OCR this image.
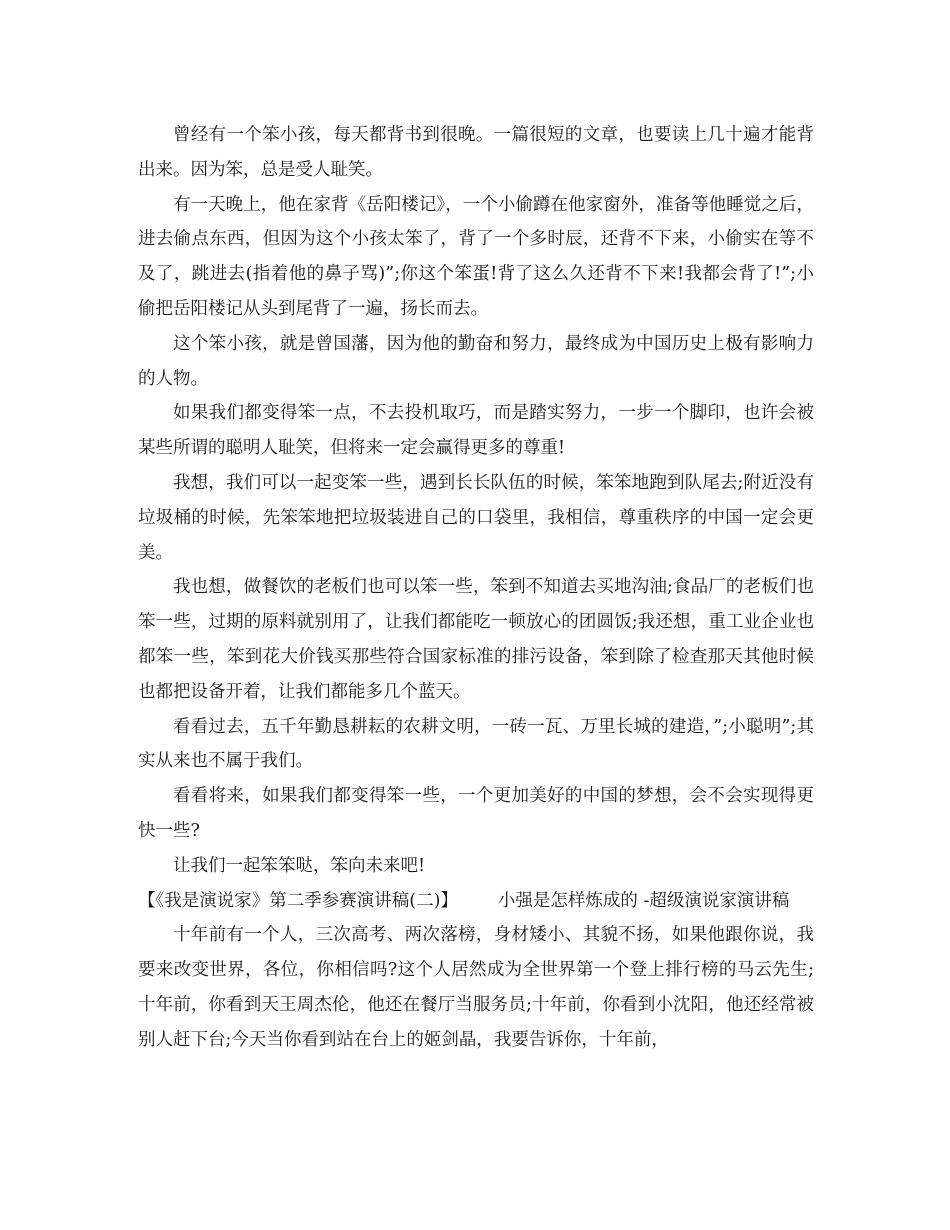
曾经有一个笨小孩，每天都背书到很晚。一篇很短的文章，也要读上几十遍才能背出来。因为笨，总是受人耻笑。

有一天晚上，他在家背《岳阳楼记》，一个小偷蹲在他家窗外，准备等他睡觉之后，进去偷点东西，但因为这个小孩太笨了，背了一个多时辰，还背不下来，小偷实在等不及了，跳进去(指着他的鼻子骂)”;你这个笨蛋!背了这么久还背不下来!我都会背了!”;小偷把岳阳楼记从头到尾背了一遍，扬长而去。

这个笨小孩，就是曾国藩，因为他的勤奋和努力，最终成为中国历史上极有影响力的人物。

如果我们都变得笨一点，不去投机取巧，而是踏实努力，一步一个脚印，也许会被某些所谓的聪明人耻笑，但将来一定会赢得更多的尊重!

我想，我们可以一起变笨一些，遇到长长队伍的时候，笨笨地跑到队尾去;附近没有垃圾桶的时候，先笨笨地把垃圾装进自己的口袋里，我相信，尊重秩序的中国一定会更美。

我也想，做餐饮的老板们也可以笨一些，笨到不知道去买地沟油;食品厂的老板们也笨一些，过期的原料就别用了，让我们都能吃一顿放心的团圆饭;我还想，重工业企业也都笨一些，笨到花大价钱买那些符合国家标准的排污设备，笨到除了检查那天其他时候也都把设备开着，让我们都能多几个蓝天。

看看过去，五千年勤恳耕耘的农耕文明，一砖一瓦、万里长城的建造，”;小聪明”;其实从来也不属于我们。

看看将来，如果我们都变得笨一些，一个更加美好的中国的梦想，会不会实现得更快一些?

让我们一起笨笨哒，笨向未来吧!

【《我是演说家》第二季参赛演讲稿(二)】 小强是怎样炼成的 -超级演说家演讲稿

十年前有一个人，三次高考、两次落榜，身材矮小、其貌不扬，如果他跟你说，我要来改变世界，各位，你相信吗?这个人居然成为全世界第一个登上排行榜的马云先生;十年前，你看到天王周杰伦，他还在餐厅当服务员;十年前，你看到小沈阳，他还经常被别人赶下台;今天当你看到站在台上的姬剑晶，我要告诉你，十年前，
